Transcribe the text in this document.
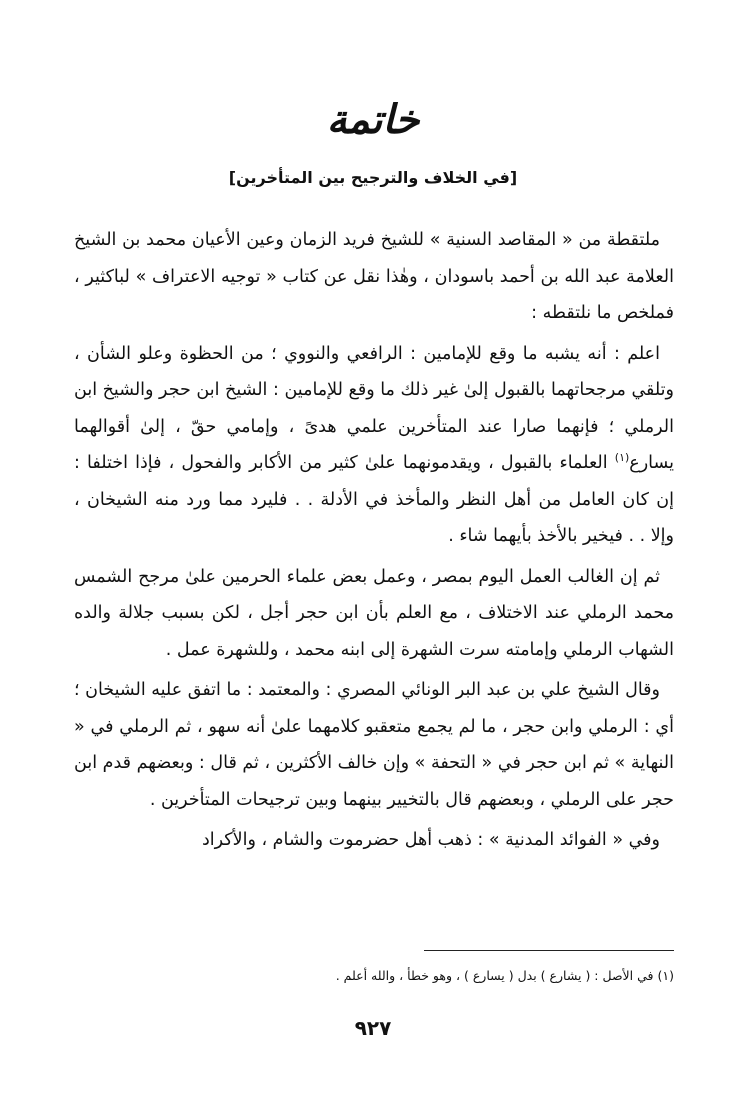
خاتمة
[في الخلاف والترجيح بين المتأخرين]

ملتقطة من « المقاصد السنية » للشيخ فريد الزمان وعين الأعيان محمد بن الشيخ العلامة عبد الله بن أحمد باسودان ، وهٰذا نقل عن كتاب « توجيه الاعتراف » لباكثير ، فملخص ما نلتقطه :

اعلم : أنه يشبه ما وقع للإمامين : الرافعي والنووي ؛ من الحظوة وعلو الشأن ، وتلقي مرجحاتهما بالقبول إلىٰ غير ذلك ما وقع للإمامين : الشيخ ابن حجر والشيخ ابن الرملي ؛ فإنهما صارا عند المتأخرين علمي هدىً ، وإمامي حقّ ، إلىٰ أقوالهما يسارع$^{(١)}$ العلماء بالقبول ، ويقدمونهما علىٰ كثير من الأكابر والفحول ، فإذا اختلفا : إن كان العامل من أهل النظر والمأخذ في الأدلة . . فليرد مما ورد منه الشيخان ، وإلا . . فيخير بالأخذ بأيهما شاء .

ثم إن الغالب العمل اليوم بمصر ، وعمل بعض علماء الحرمين علىٰ مرجح الشمس محمد الرملي عند الاختلاف ، مع العلم بأن ابن حجر أجل ، لكن بسبب جلالة والده الشهاب الرملي وإمامته سرت الشهرة إلى ابنه محمد ، وللشهرة عمل .

وقال الشيخ علي بن عبد البر الونائي المصري : والمعتمد : ما اتفق عليه الشيخان ؛ أي : الرملي وابن حجر ، ما لم يجمع متعقبو كلامهما علىٰ أنه سهو ، ثم الرملي في « النهاية » ثم ابن حجر في « التحفة » وإن خالف الأكثرين ، ثم قال : وبعضهم قدم ابن حجر على الرملي ، وبعضهم قال بالتخيير بينهما وبين ترجيحات المتأخرين .

وفي « الفوائد المدنية » : ذهب أهل حضرموت والشام ، والأكراد

(١) في الأصل : ( يشارع ) بدل ( يسارع ) ، وهو خطأ ، والله أعلم .
٩٢٧
